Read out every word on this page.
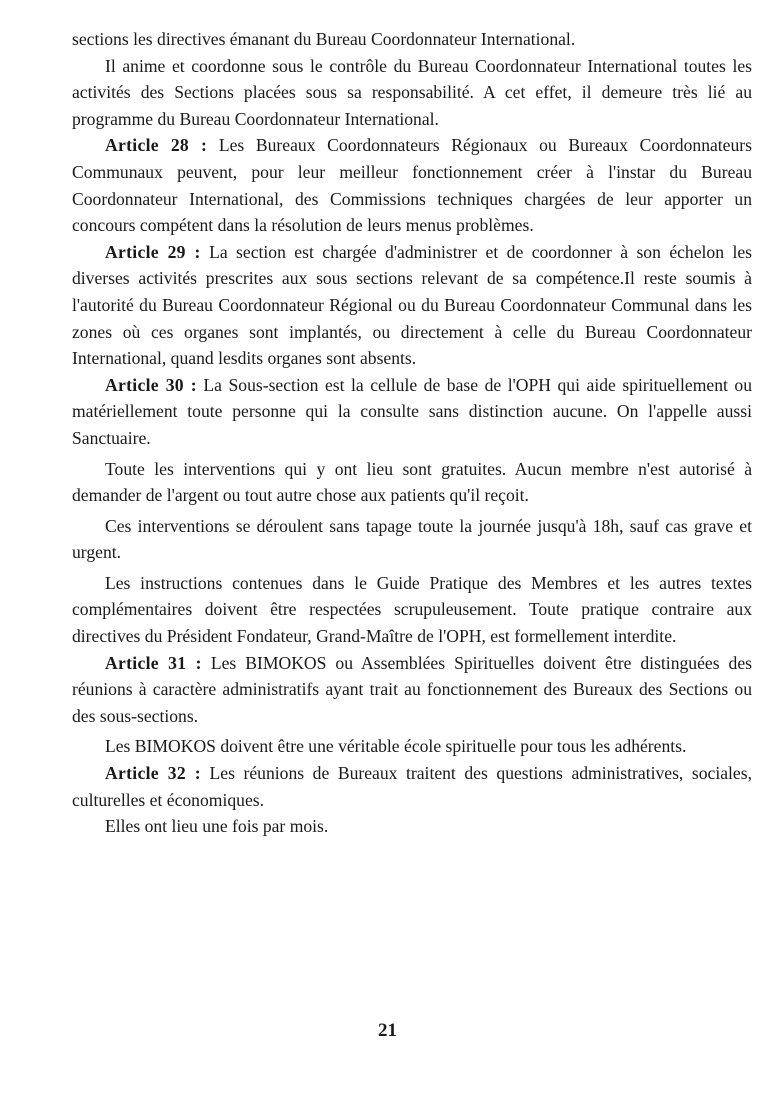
sections les directives émanant du Bureau Coordonnateur International.

Il anime et coordonne sous le contrôle du Bureau Coordonnateur International toutes les activités des Sections placées sous sa responsabilité. A cet effet, il demeure très lié au programme du Bureau Coordonnateur International.

Article 28 : Les Bureaux Coordonnateurs Régionaux ou Bureaux Coordonnateurs Communaux peuvent, pour leur meilleur fonctionnement créer à l'instar du Bureau Coordonnateur International, des Commissions techniques chargées de leur apporter un concours compétent dans la résolution de leurs menus problèmes.

Article 29 : La section est chargée d'administrer et de coordonner à son échelon les diverses activités prescrites aux sous sections relevant de sa compétence.Il reste soumis à l'autorité du Bureau Coordonnateur Régional ou du Bureau Coordonnateur Communal dans les zones où ces organes sont implantés, ou directement à celle du Bureau Coordonnateur International, quand lesdits organes sont absents.

Article 30 : La Sous-section est la cellule de base de l'OPH qui aide spirituellement ou matériellement toute personne qui la consulte sans distinction aucune. On l'appelle aussi Sanctuaire.

Toute les interventions qui y ont lieu sont gratuites. Aucun membre n'est autorisé à demander de l'argent ou tout autre chose aux patients qu'il reçoit.

Ces interventions se déroulent sans tapage toute la journée jusqu'à 18h, sauf cas grave et urgent.

Les instructions contenues dans le Guide Pratique des Membres et les autres textes complémentaires doivent être respectées scrupuleusement. Toute pratique contraire aux directives du Président Fondateur, Grand-Maître de l'OPH, est formellement interdite.

Article 31 : Les BIMOKOS ou Assemblées Spirituelles doivent être distinguées des réunions à caractère administratifs ayant trait au fonctionnement des Bureaux des Sections ou des sous-sections.

Les BIMOKOS doivent être une véritable école spirituelle pour tous les adhérents.

Article 32 : Les réunions de Bureaux traitent des questions administratives, sociales, culturelles et économiques.

Elles ont lieu une fois par mois.

21
